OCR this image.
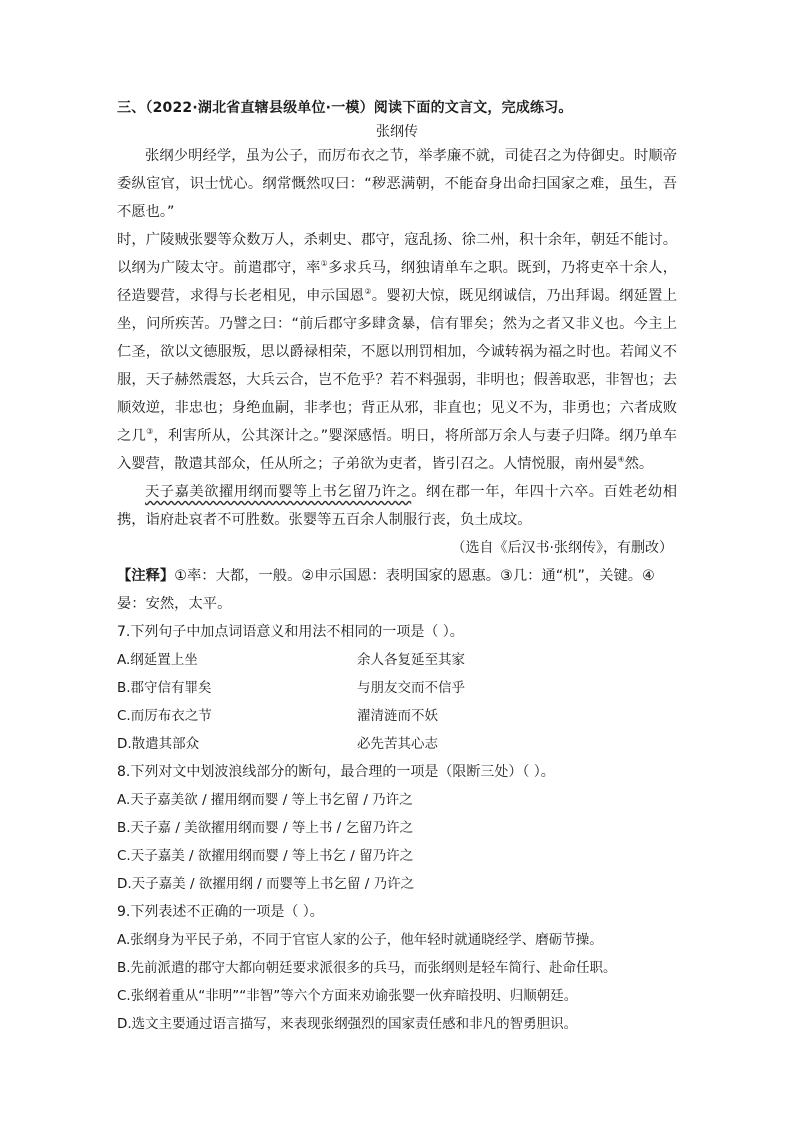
三、（2022·湖北省直辖县级单位·一模）阅读下面的文言文，完成练习。
张纲传
张纲少明经学，虽为公子，而厉布衣之节，举孝廉不就，司徒召之为侍御史。时顺帝委纵宦官，识士忧心。纲常慨然叹曰：“秽恶满朝，不能奋身出命扫国家之难，虽生，吾不愿也。”
时，广陵贼张婴等众数万人，杀刺史、郡守，寇乱扬、徐二州，积十余年，朝廷不能讨。以纲为广陵太守。前遣郡守，率①多求兵马，纲独请单车之职。既到，乃将吏卒十余人，径造婴营，求得与长老相见，申示国恩②。婴初大惊，既见纲诚信，乃出拜谒。纲延置上坐，问所疾苦。乃譬之曰：“前后郡守多肆贪暴，信有罪矣；然为之者又非义也。今主上仁圣，欲以文德服叛，思以爵禄相荣，不愿以刑罚相加，今诚转祸为福之时也。若闻义不服，天子赫然震怒，大兵云合，岂不危乎？若不料强弱，非明也；假善取恶，非智也；去顺效逆，非忠也；身绝血嗣，非孝也；背正从邪，非直也；见义不为，非勇也；六者成败之几③，利害所从，公其深计之。”婴深感悟。明日，将所部万余人与妻子归降。纲乃单车入婴营，散遣其部众，任从所之；子弟欲为吏者，皆引召之。人情悦服，南州晏④然。
天子嘉美欲擢用纲而婴等上书乞留乃许之。纲在郡一年，年四十六卒。百姓老幼相携，诣府赴哀者不可胜数。张婴等五百余人制服行丧，负土成坟。
（选自《后汉书·张纲传》，有删改）
【注释】①率：大都，一般。②申示国恩：表明国家的恩惠。③几：通“机”，关键。④晏：安然，太平。
7.下列句子中加点词语意义和用法不相同的一项是（ ）。
A.纲延置上坐	余人各复延至其家
B.郡守信有罪矣	与朋友交而不信乎
C.而厉布衣之节	濯清涟而不妖
D.散遣其部众	必先苦其心志
8.下列对文中划波浪线部分的断句，最合理的一项是（限断三处）（ ）。
A.天子嘉美欲 / 擢用纲而婴 / 等上书乞留 / 乃许之
B.天子嘉 / 美欲擢用纲而婴 / 等上书 / 乞留乃许之
C.天子嘉美 / 欲擢用纲而婴 / 等上书乞 / 留乃许之
D.天子嘉美 / 欲擢用纲 / 而婴等上书乞留 / 乃许之
9.下列表述不正确的一项是（ ）。
A.张纲身为平民子弟，不同于官宦人家的公子，他年轻时就通晓经学、磨砺节操。
B.先前派遣的郡守大都向朝廷要求派很多的兵马，而张纲则是轻车简行、赴命任职。
C.张纲着重从“非明”“非智”等六个方面来劝谕张婴一伙弃暗投明、归顺朝廷。
D.选文主要通过语言描写，来表现张纲强烈的国家责任感和非凡的智勇胆识。
